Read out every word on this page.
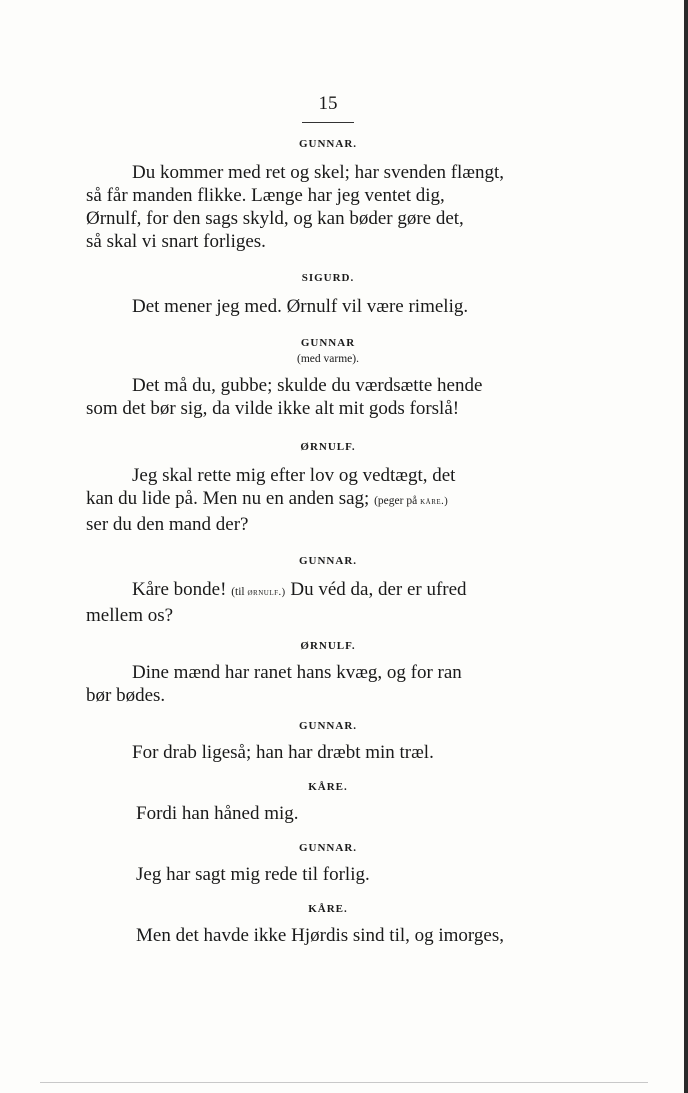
15
GUNNAR.
Du kommer med ret og skel; har svenden flængt,
så får manden flikke. Længe har jeg ventet dig,
Ørnulf, for den sags skyld, og kan bøder gøre det,
så skal vi snart forliges.
SIGURD.
Det mener jeg med. Ørnulf vil være rimelig.
GUNNAR
(med varme).
Det må du, gubbe; skulde du værdsætte hende
som det bør sig, da vilde ikke alt mit gods forslå!
ØRNULF.
Jeg skal rette mig efter lov og vedtægt, det
kan du lide på. Men nu en anden sag; (peger på kåre.)
ser du den mand der?
GUNNAR.
Kåre bonde! (til ørnulf.) Du véd da, der er ufred
mellem os?
ØRNULF.
Dine mænd har ranet hans kvæg, og for ran
bør bødes.
GUNNAR.
For drab ligeså; han har dræbt min træl.
KÅRE.
Fordi han håned mig.
GUNNAR.
Jeg har sagt mig rede til forlig.
KÅRE.
Men det havde ikke Hjørdis sind til, og imorges,
